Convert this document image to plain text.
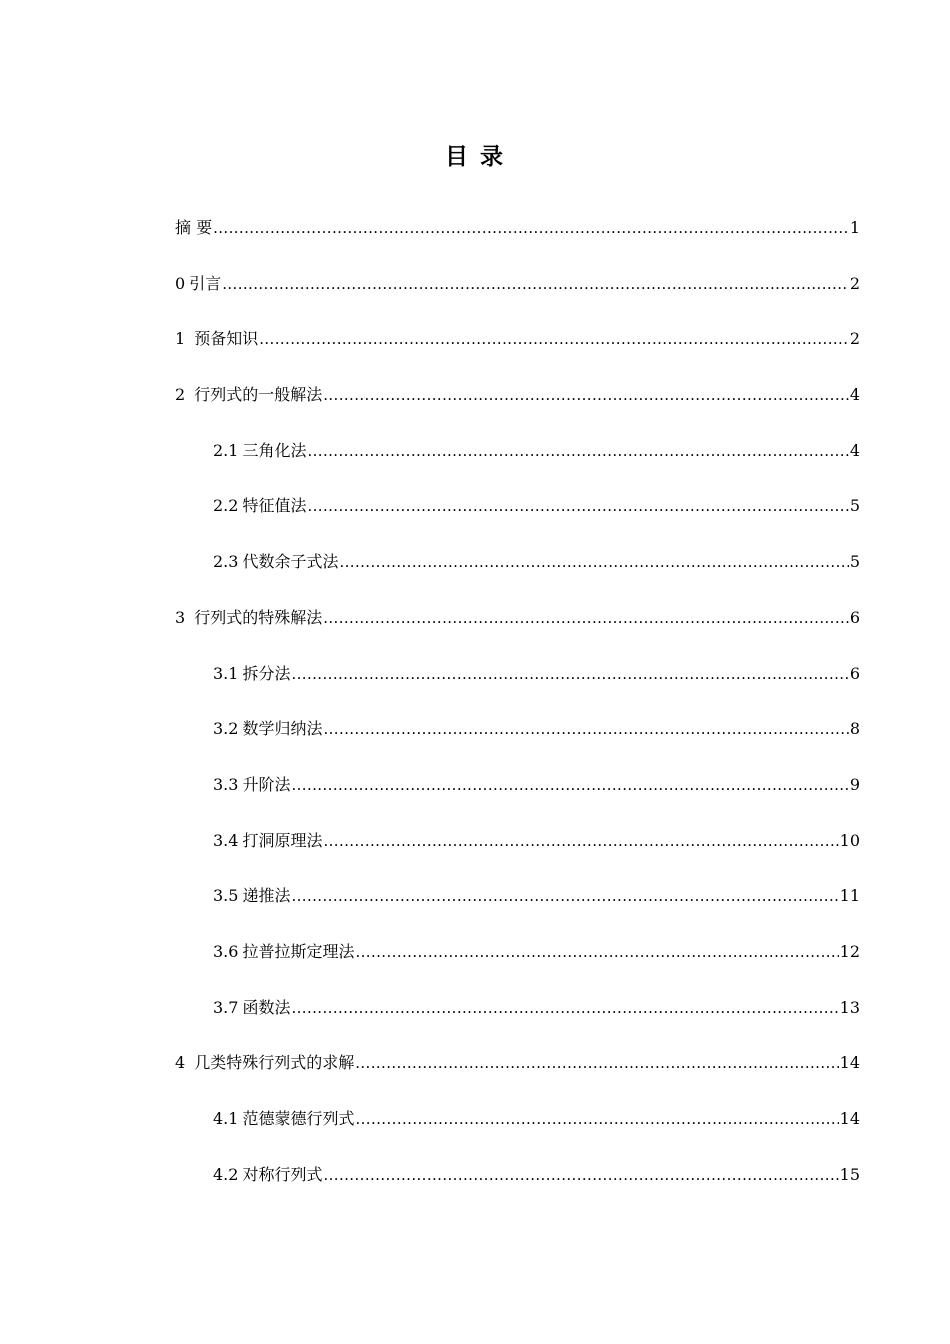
目 录
摘 要 .....	1
0 引言 .....	2
1 预备知识 .....	2
2 行列式的一般解法 .....	4
2.1 三角化法 .....	4
2.2 特征值法 .....	5
2.3 代数余子式法 .....	5
3 行列式的特殊解法 .....	6
3.1 拆分法 .....	6
3.2 数学归纳法 .....	8
3.3 升阶法 .....	9
3.4 打洞原理法 .....	10
3.5 递推法 .....	11
3.6 拉普拉斯定理法 .....	12
3.7 函数法 .....	13
4 几类特殊行列式的求解 .....	14
4.1 范德蒙德行列式 .....	14
4.2 对称行列式 .....	15
